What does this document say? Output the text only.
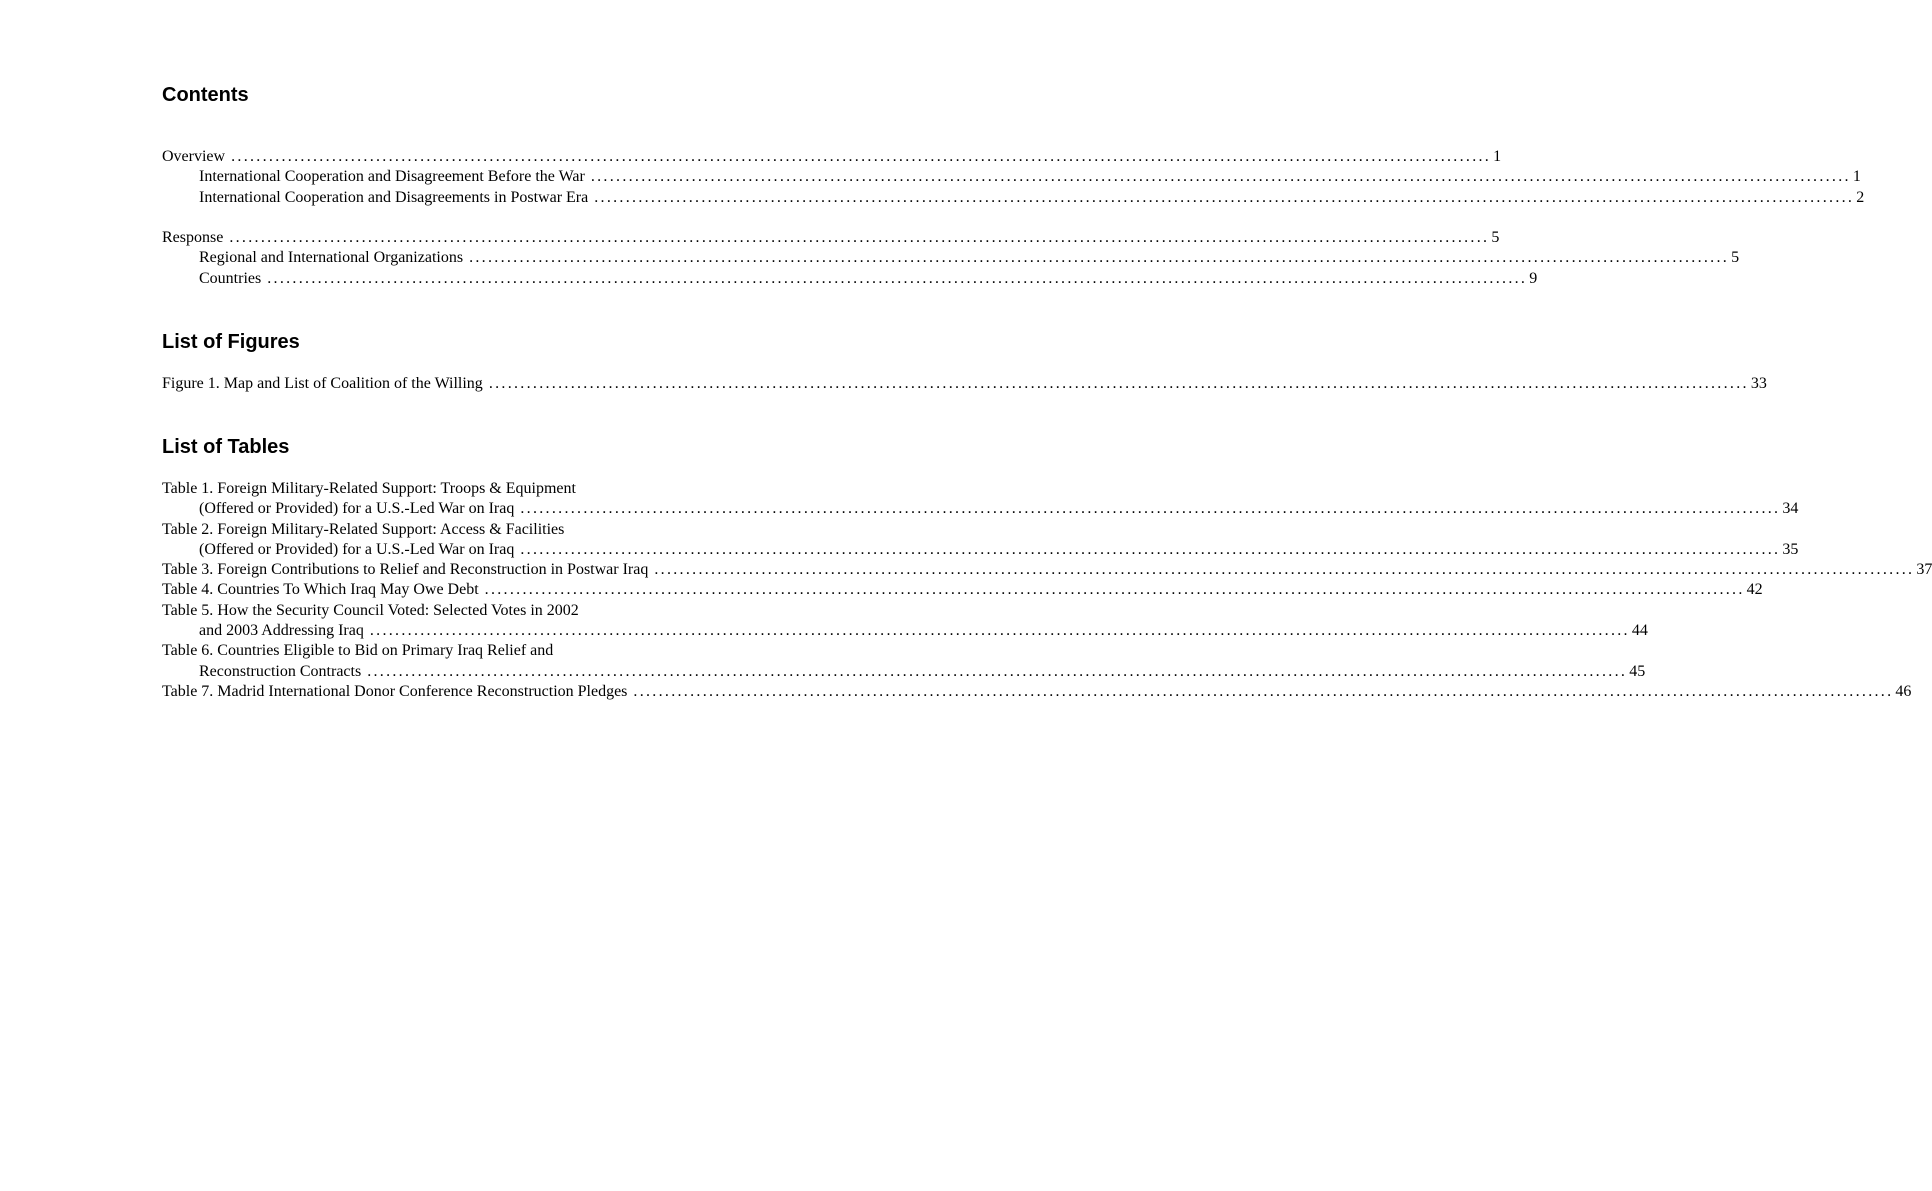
Contents
Overview ........................................................................................................................................................................................................ 1
International Cooperation and Disagreement Before the War ........................................................................................................................................................................................................ 1
International Cooperation and Disagreements in Postwar Era ........................................................................................................................................................................................................ 2
Response ........................................................................................................................................................................................................ 5
Regional and International Organizations ........................................................................................................................................................................................................ 5
Countries ........................................................................................................................................................................................................ 9
List of Figures
Figure 1. Map and List of Coalition of the Willing ........................................................................................................................................................................................................ 33
List of Tables
Table 1. Foreign Military-Related Support: Troops & Equipment
(Offered or Provided) for a U.S.-Led War on Iraq ........................................................................................................................................................................................................ 34
Table 2. Foreign Military-Related Support: Access & Facilities
(Offered or Provided) for a U.S.-Led War on Iraq ........................................................................................................................................................................................................ 35
Table 3. Foreign Contributions to Relief and Reconstruction in Postwar Iraq ........................................................................................................................................................................................................ 37
Table 4. Countries To Which Iraq May Owe Debt ........................................................................................................................................................................................................ 42
Table 5. How the Security Council Voted: Selected Votes in 2002
and 2003 Addressing Iraq ........................................................................................................................................................................................................ 44
Table 6. Countries Eligible to Bid on Primary Iraq Relief and
Reconstruction Contracts ........................................................................................................................................................................................................ 45
Table 7. Madrid International Donor Conference Reconstruction Pledges ........................................................................................................................................................................................................ 46
